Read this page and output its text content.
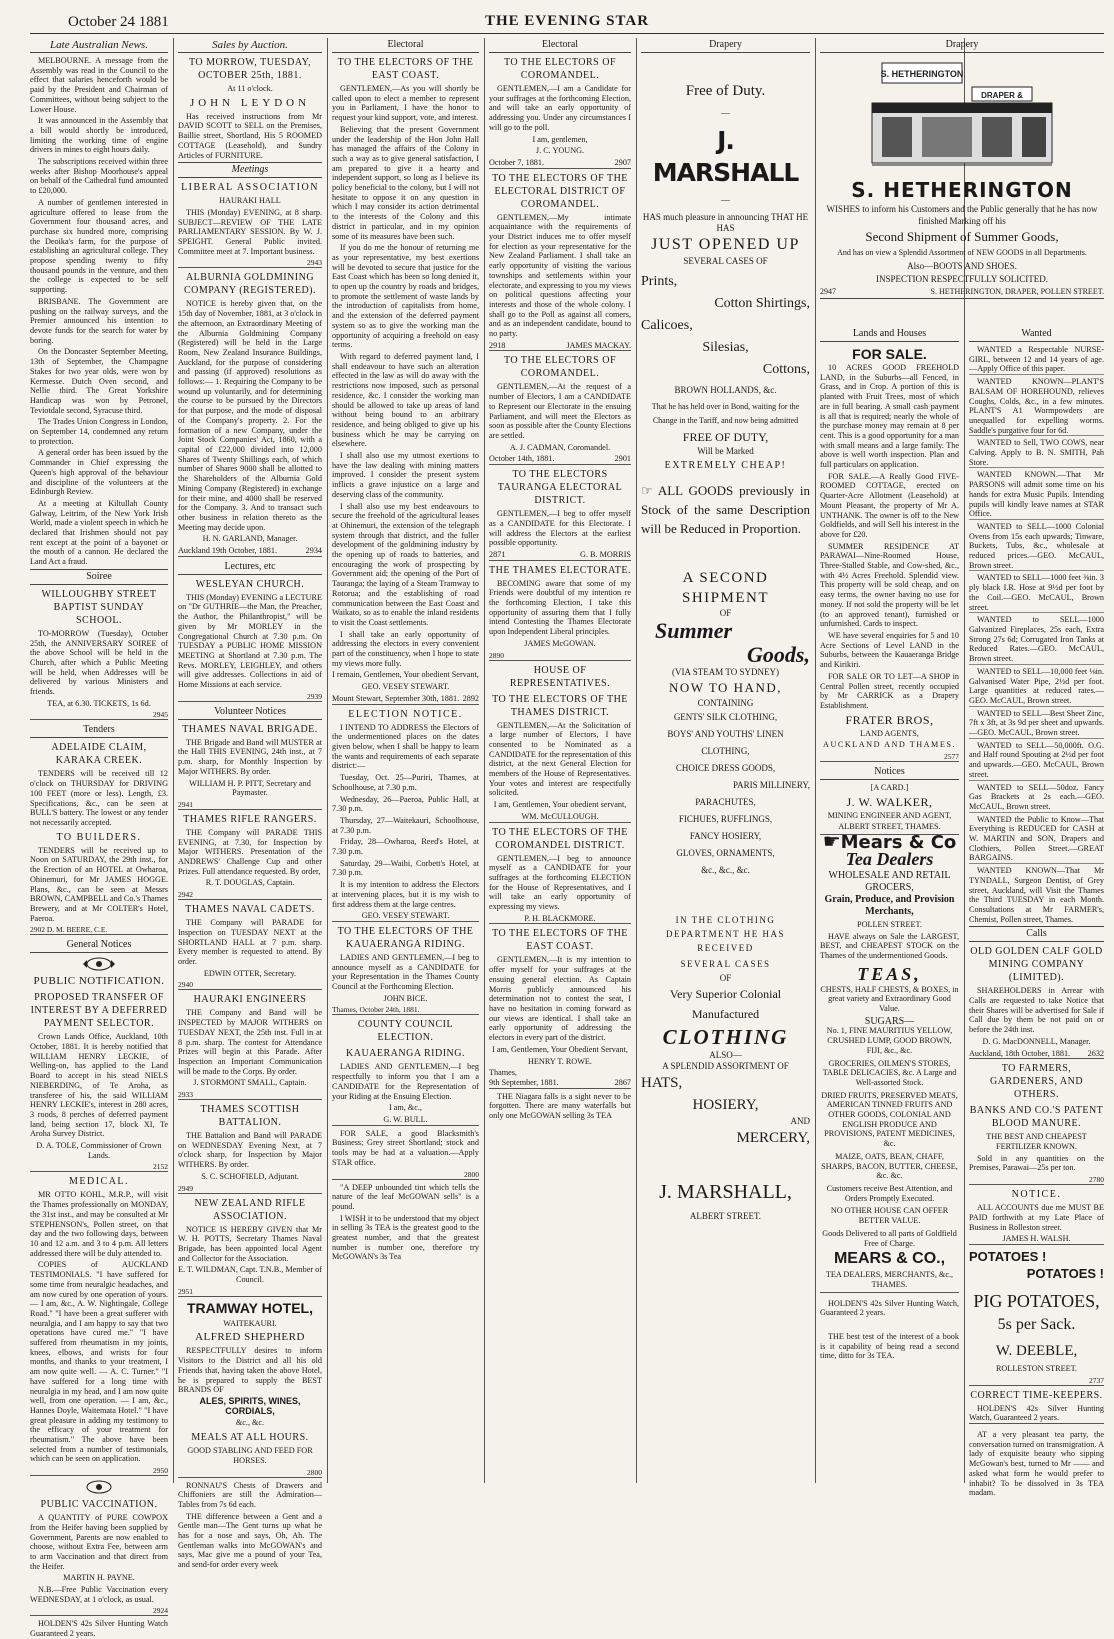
October 24 1881	THE EVENING STAR
Late Australian News.

MELBOURNE. A message from the Assembly was read in the Council to the effect that salaries henceforth would be paid by the President and Chairman of Committees, without being subject to the Lower House.

It was announced in the Assembly that a bill would shortly be introduced, limiting the working time of engine drivers in mines to eight hours daily.

The subscriptions received within three weeks after Bishop Moorhouse's appeal on behalf of the Cathedral fund amounted to £20,000.

A number of gentlemen interested in agriculture offered to lease from the Government four thousand acres, and purchase six hundred more, comprising the Deoika's farm, for the purpose of establishing an agricultural college. They propose spending twenty to fifty thousand pounds in the venture, and then the college is expected to be self supporting.

BRISBANE. The Government are pushing on the railway surveys, and the Premier announced his intention to devote funds for the search for water by boring.

On the Doncaster September Meeting, 13th of September, the Champagne Stakes for two year olds, were won by Kermesse. Dutch Oven second, and Nellie third. The Great Yorkshire Handicap was won by Petronel, Teviotdale second, Syracuse third.

The Trades Union Congress in London, on September 14, condemned any return to protection.

A general order has been issued by the Commander in Chief expressing the Queen's high approval of the behaviour and discipline of the volunteers at the Edinburgh Review.

At a meeting at Kiltullah County Galway, Leitrim, of the New York Irish World, made a violent speech in which he declared that Irishmen should not pay rent except at the point of a bayonet or the mouth of a cannon. He declared the Land Act a fraud.

Soiree
WILLOUGHBY STREET BAPTIST SUNDAY SCHOOL.

TO-MORROW (Tuesday), October 25th, the ANNIVERSARY SOIREE of the above School will be held in the Church, after which a Public Meeting will be held, when Addresses will be delivered by various Ministers and friends.

TEA, at 6.30. TICKETS, 1s 6d.
2945
Tenders
ADELAIDE CLAIM, KARAKA CREEK.

TENDERS will be received till 12 o'clock on THURSDAY for DRIVING 100 FEET (more or less). Length, £3. Specifications, &c., can be seen at BULL'S battery. The lowest or any tender not necessarily accepted.

TO BUILDERS.

TENDERS will be received up to Noon on SATURDAY, the 29th inst., for the Erection of an HOTEL at Owharoa, Ohinemuri, for Mr JAMES HOGGE. Plans, &c., can be seen at Messrs BROWN, CAMPBELL and Co.'s Thames Brewery, and at Mr COLTER's Hotel, Paeroa.

2902 D. M. BEERE, C.E.
General Notices
PUBLIC NOTIFICATION.
PROPOSED TRANSFER OF INTEREST BY A DEFERRED PAYMENT SELECTOR.

Crown Lands Office, Auckland, 10th October, 1881. It is hereby notified that WILLIAM HENRY LECKIE, of Welling-on, has applied to the Land Board to accept in his stead NIELS NIEBERDING, of Te Aroha, as transferee of his, the said WILLIAM HENRY LECKIE's, interest in 280 acres, 3 roods, 8 perches of deferred payment land, being section 17, block XI, Te Aroha Survey District.

D. A. TOLE, Commissioner of Crown Lands.
2152
MEDICAL.

MR OTTO KOHL, M.R.P., will visit the Thames professionally on MONDAY, the 31st inst., and may be consulted at Mr STEPHENSON's, Pollen street, on that day and the two following days, between 10 and 12 a.m. and 3 to 4 p.m. All letters addressed there will be duly attended to.

COPIES of AUCKLAND TESTIMONIALS. "I have suffered for some time from neuralgic headaches, and am now cured by one operation of yours. — I am, &c., A. W. Nightingale, College Road." "I have been a great sufferer with neuralgia, and I am happy to say that two operations have cured me." "I have suffered from rheumatism in my joints, knees, elbows, and wrists for four months, and thanks to your treatment, I am now quite well. — A. C. Turner." "I have suffered for a long time with neuralgia in my head, and I am now quite well, from one operation. — I am, &c., Hannes Doyle, Waitemata Hotel." "I have great pleasure in adding my testimony to the efficacy of your treatment for rheumatism." The above have been selected from a number of testimonials, which can be seen on application.

2950
PUBLIC VACCINATION.

A QUANTITY of PURE COWPOX from the Heifer having been supplied by Government, Parents are now enabled to choose, without Extra Fee, between arm to arm Vaccination and that direct from the Heifer.

MARTIN H. PAYNE.

N.B.—Free Public Vaccination every WEDNESDAY, at 1 o'clock, as usual.

2924

HOLDEN'S 42s Silver Hunting Watch Guaranteed 2 years.

Sales by Auction.
TO MORROW, TUESDAY, OCTOBER 25th, 1881.
At 11 o'clock.
JOHN LEYDON

Has received instructions from Mr DAVID SCOTT to SELL on the Premises, Baillie street, Shortland, His 5 ROOMED COTTAGE (Leasehold), and Sundry Articles of FURNITURE.

Meetings
LIBERAL ASSOCIATION
HAURAKI HALL

THIS (Monday) EVENING, at 8 sharp. SUBJECT—REVIEW OF THE LATE PARLIAMENTARY SESSION. By W. J. SPEIGHT. General Public invited. Committee meet at 7. Important business.

2943
ALBURNIA GOLDMINING COMPANY (REGISTERED).

NOTICE is hereby given that, on the 15th day of November, 1881, at 3 o'clock in the afternoon, an Extraordinary Meeting of the Alburnia Goldmining Company (Registered) will be held in the Large Room, New Zealand Insurance Buildings, Auckland, for the purpose of considering and passing (if approved) resolutions as follows:— 1. Requiring the Company to be wound up voluntarily, and for determining the course to be pursued by the Directors for that purpose, and the mode of disposal of the Company's property. 2. For the formation of a new Company, under the Joint Stock Companies' Act, 1860, with a capital of £22,000 divided into 12,000 Shares of Twenty Shillings each, of which number of Shares 9000 shall be allotted to the Shareholders of the Alburnia Gold Mining Company (Registered) in exchange for their mine, and 4000 shall be reserved for the Company. 3. And to transact such other business in relation thereto as the Meeting may decide upon.

H. N. GARLAND, Manager.
Auckland 19th October, 1881.	2934
Lectures, etc
WESLEYAN CHURCH.

THIS (Monday) EVENING a LECTURE on "Dr GUTHRIE—the Man, the Preacher, the Author, the Philanthropist," will be given by Mr MORLEY in the Congregational Church at 7.30 p.m. On TUESDAY a PUBLIC HOME MISSION MEETING at Shortland at 7.30 p.m. The Revs. MORLEY, LEIGHLEY, and others will give addresses. Collections in aid of Home Missions at each service.

2939
Volunteer Notices
THAMES NAVAL BRIGADE.

THE Brigade and Band will MUSTER at the Hall THIS EVENING, 24th inst., at 7 p.m. sharp, for Monthly Inspection by Major WITHERS. By order.

WILLIAM H. P. PITT, Secretary and Paymaster.
2941
THAMES RIFLE RANGERS.

THE Company will PARADE THIS EVENING, at 7.30, for Inspection by Major WITHERS. Presentation of the ANDREWS' Challenge Cup and other Prizes. Full attendance requested. By order,

R. T. DOUGLAS, Captain.
2942
THAMES NAVAL CADETS.

THE Company will PARADE for Inspection on TUESDAY NEXT at the SHORTLAND HALL at 7 p.m. sharp. Every member is requested to attend. By order.

EDWIN OTTER, Secretary.
2940
HAURAKI ENGINEERS

THE Company and Band will be INSPECTED by MAJOR WITHERS on TUESDAY NEXT, the 25th inst. Full in at 8 p.m. sharp. The contest for Attendance Prizes will begin at this Parade. After Inspection an Important Communication will be made to the Corps. By order.

J. STORMONT SMALL, Captain.
2933
THAMES SCOTTISH BATTALION.

THE Battalion and Band will PARADE on WEDNESDAY Evening Next, at 7 o'clock sharp, for Inspection by Major WITHERS. By order.

S. C. SCHOFIELD, Adjutant.
2949
NEW ZEALAND RIFLE ASSOCIATION.

NOTICE IS HEREBY GIVEN that Mr W. H. POTTS, Secretary Thames Naval Brigade, has been appointed local Agent and Collector for the Association.

E. T. WILDMAN, Capt. T.N.B., Member of Council.
2951
TRAMWAY HOTEL,
WAITEKAURI.
ALFRED SHEPHERD

RESPECTFULLY desires to inform Visitors to the District and all his old Friends that, having taken the above Hotel, he is prepared to supply the BEST BRANDS OF

ALES, SPIRITS, WINES, CORDIALS,
&c., &c.
MEALS AT ALL HOURS.
GOOD STABLING AND FEED FOR HORSES.
2800

RONNAU'S Chests of Drawers and Chiffoniers are still the Admiration—Tables from 7s 6d each.

THE difference between a Gent and a Gentle man—The Gent turns up what he has for a nose and says, Oh, Ah. The Gentleman walks into McGOWAN's and says, Mac give me a pound of your Tea, and send-for order every week

Electoral
TO THE ELECTORS OF THE EAST COAST.

GENTLEMEN,—As you will shortly be called upon to elect a member to represent you in Parliament, I have the honor to request your kind support, vote, and interest.

Believing that the present Government under the leadership of the Hon John Hall has managed the affairs of the Colony in such a way as to give general satisfaction, I am prepared to give it a hearty and independent support, so long as I believe its policy beneficial to the colony, but I will not hesitate to oppose it on any question in which I may consider its action detrimental to the interests of the Colony and this district in particular, and in my opinion some of its measures have been such.

If you do me the honour of returning me as your representative, my best exertions will be devoted to secure that justice for the East Coast which has been so long denied it, to open up the country by roads and bridges, to promote the settlement of waste lands by the introduction of capitalists from home, and the extension of the deferred payment system so as to give the working man the opportunity of acquiring a freehold on easy terms.

With regard to deferred payment land, I shall endeavour to have such an alteration effected in the law as will do away with the restrictions now imposed, such as personal residence, &c. I consider the working man should be allowed to take up areas of land without being bound to an arbitrary residence, and being obliged to give up his business which he may be carrying on elsewhere.

I shall also use my utmost exertions to have the law dealing with mining matters improved. I consider the present system inflicts a grave injustice on a large and deserving class of the community.

I shall also use my best endeavours to secure the freehold of the agricultural leases at Ohinemuri, the extension of the telegraph system through that district, and the fuller development of the goldmining industry by the opening up of roads to batteries, and encouraging the work of prospecting by Government aid; the opening of the Port of Tauranga; the laying of a Steam Tramway to Rotorua; and the establishing of road communication between the East Coast and Waikato, so as to enable the inland residents to visit the Coast settlements.

I shall take an early opportunity of addressing the electors in every convenient part of the constituency, when I hope to state my views more fully.

I remain, Gentlemen, Your obedient Servant,
GEO. VESEY STEWART.
Mount Stewart, September 30th, 1881. 2892
ELECTION NOTICE.

I INTEND TO ADDRESS the Electors of the undermentioned places on the dates given below, when I shall be happy to learn the wants and requirements of each separate district:—

Tuesday, Oct. 25—Puriri, Thames, at Schoolhouse, at 7.30 p.m.

Wednesday, 26—Paeroa, Public Hall, at 7.30 p.m.

Thursday, 27—Waitekauri, Schoolhouse, at 7.30 p.m.

Friday, 28—Owharoa, Reed's Hotel, at 7.30 p.m.

Saturday, 29—Waihi, Corbett's Hotel, at 7.30 p.m.

It is my intention to address the Electors at intervening places, but it is my wish to first address them at the large centres.

GEO. VESEY STEWART.
TO THE ELECTORS OF THE KAUAERANGA RIDING.

LADIES AND GENTLEMEN,—I beg to announce myself as a CANDIDATE for your Representation in the Thames County Council at the Forthcoming Election.

JOHN BICE.
Thames, October 24th, 1881.
COUNTY COUNCIL ELECTION.
KAUAERANGA RIDING.

LADIES AND GENTLEMEN,—I beg respectfully to inform you that I am a CANDIDATE for the Representation of your Riding at the Ensuing Election.

I am, &c.,
G. W. BULL.

FOR SALE, a good Blacksmith's Business; Grey street Shortland; stock and tools may be had at a valuation.—Apply STAR office.

2800

"A DEEP unbounded tint which tells the nature of the leaf McGOWAN sells" is a pound.

I WISH it to be understood that my object in selling 3s TEA is the greatest good to the greatest number, and that the greatest number is number one, therefore try McGOWAN's 3s Tea

Electoral
TO THE ELECTORS OF COROMANDEL.

GENTLEMEN,—I am a Candidate for your suffrages at the forthcoming Election, and will take an early opportunity of addressing you. Under any circumstances I will go to the poll.

I am, gentlemen,
J. C. YOUNG.
October 7, 1881.	2907
TO THE ELECTORS OF THE ELECTORAL DISTRICT OF COROMANDEL.

GENTLEMEN,—My intimate acquaintance with the requirements of your District induces me to offer myself for election as your representative for the New Zealand Parliament. I shall take an early opportunity of visiting the various townships and settlements within your electorate, and expressing to you my views on political questions affecting your interests and those of the whole colony. I shall go to the Poll as against all comers, and as an independent candidate, bound to no party.

2918	JAMES MACKAY.
TO THE ELECTORS OF COROMANDEL.

GENTLEMEN,—At the request of a number of Electors, I am a CANDIDATE to Represent our Electorate in the ensuing Parliament, and will meet the Electors as soon as possible after the County Elections are settled.

A. J. CADMAN, Coromandel.
October 14th, 1881.	2901
TO THE ELECTORS TAURANGA ELECTORAL DISTRICT.

GENTLEMEN,—I beg to offer myself as a CANDIDATE for this Electorate. I will address the Electors at the earliest possible opportunity.

2871	G. B. MORRIS
THE THAMES ELECTORATE.

BECOMING aware that some of my Friends were doubtful of my intention re the forthcoming Election, I take this opportunity of assuring them that I fully intend Contesting the Thames Electorate upon Independent Liberal principles.

JAMES McGOWAN.
2890
HOUSE OF REPRESENTATIVES.
TO THE ELECTORS OF THE THAMES DISTRICT.

GENTLEMEN,—At the Solicitation of a large number of Electors, I have consented to be Nominated as a CANDIDATE for the representation of this district, at the next General Election for members of the House of Representatives. Your votes and interest are respectfully solicited.

I am, Gentlemen, Your obedient servant,
WM. McCULLOUGH.
TO THE ELECTORS OF THE COROMANDEL DISTRICT.

GENTLEMEN,—I beg to announce myself as a CANDIDATE for your suffrages at the forthcoming ELECTION for the House of Representatives, and I will take an early opportunity of expressing my views.

P. H. BLACKMORE.
TO THE ELECTORS OF THE EAST COAST.

GENTLEMEN,—It is my intention to offer myself for your suffrages at the ensuing general election. As Captain Morris publicly announced his determination not to contest the seat, I have no hesitation in coming forward as our views are identical. I shall take an early opportunity of addressing the electors in every part of the district.

I am, Gentlemen, Your Obedient Servant,
HENRY T. ROWE.
Thames,
9th September, 1881.	2867

THE Niagara falls is a sight never to be forgotten. There are many waterfalls but only one McGOWAN selling 3s TEA

Drapery
Free of Duty.
—
J. MARSHALL
—
HAS much pleasure in announcing THAT HE HAS
JUST OPENED UP
SEVERAL CASES OF
Prints,
Cotton Shirtings,
Calicoes,
Silesias,
Cottons,
BROWN HOLLANDS, &c.
That he has held over in Bond, waiting for the Change in the Tariff, and now being admitted
FREE OF DUTY,
Will be Marked
EXTREMELY CHEAP!
☞ ALL GOODS previously in Stock of the same Description will be Reduced in Proportion.
A SECOND SHIPMENT
OF
Summer
Goods,
(VIA STEAM TO SYDNEY)
NOW TO HAND,
CONTAINING
GENTS' SILK CLOTHING,
BOYS' AND YOUTHS' LINEN
CLOTHING,
CHOICE DRESS GOODS,
PARIS MILLINERY,
PARACHUTES,
FICHUES, RUFFLINGS,
FANCY HOSIERY,
GLOVES, ORNAMENTS,
&c., &c., &c.
IN THE CLOTHING DEPARTMENT HE HAS RECEIVED
SEVERAL CASES
OF
Very Superior Colonial Manufactured
CLOTHING
ALSO—
A SPLENDID ASSORTMENT OF
HATS,
HOSIERY,
AND
MERCERY,
J. MARSHALL,
ALBERT STREET.
Drapery
S. HETHERINGTON
DRAPER &
S. HETHERINGTON
WISHES to inform his Customers and the Public generally that he has now finished Marking off his
Second Shipment of Summer Goods,
And has on view a Splendid Assortment of NEW GOODS in all Departments.
Also—BOOTS AND SHOES.
INSPECTION RESPECTFULLY SOLICITED.
2947	S. HETHERINGTON, DRAPER, POLLEN STREET.
Lands and Houses
FOR SALE.

10 ACRES GOOD FREEHOLD LAND, in the Suburbs—all Fenced, in Grass, and in Crop. A portion of this is planted with Fruit Trees, most of which are in full bearing. A small cash payment is all that is required; nearly the whole of the purchase money may remain at 8 per cent. This is a good opportunity for a man with small means and a large family. The above is well worth inspection. Plan and full particulars on application.

FOR SALE.—A Really Good FIVE-ROOMED COTTAGE, erected on Quarter-Acre Allotment (Leasehold) at Mount Pleasant, the property of Mr A. UNTHANK. The owner is off to the New Goldfields, and will Sell his interest in the above for £20.

SUMMER RESIDENCE AT PARAWAI—Nine-Roomed House, Three-Stalled Stable, and Cow-shed, &c., with 4½ Acres Freehold. Splendid view. This property will be sold cheap, and on easy terms, the owner having no use for money. If not sold the property will be let (to an approved tenant), furnished or unfurnished. Cards to inspect.

WE have several enquiries for 5 and 10 Acre Sections of Level LAND in the Suburbs, between the Kauaeranga Bridge and Kirikiri.

FOR SALE OR TO LET—A SHOP in Central Pollen street, recently occupied by Mr CARRICK as a Drapery Establishment.

FRATER BROS,
LAND AGENTS,
AUCKLAND AND THAMES.
2577
Notices
[A CARD.]
J. W. WALKER,
MINING ENGINEER AND AGENT,
ALBERT STREET, THAMES.
☛ Mears & Co
Tea Dealers
WHOLESALE AND RETAIL GROCERS,
Grain, Produce, and Provision Merchants,
POLLEN STREET.

HAVE always on Sale the LARGEST, BEST, and CHEAPEST STOCK on the Thames of the undermentioned Goods.

TEAS,
CHESTS, HALF CHESTS, & BOXES, in great variety and Extraordinary Good Value.
SUGARS—
No. 1, FINE MAURITIUS YELLOW, CRUSHED LUMP, GOOD BROWN, FIJI, &c., &c.
GROCERIES, OILMEN'S STORES, TABLE DELICACIES, &c. A Large and Well-assorted Stock.
DRIED FRUITS, PRESERVED MEATS, AMERICAN TINNED FRUITS AND OTHER GOODS, COLONIAL AND ENGLISH PRODUCE AND PROVISIONS, PATENT MEDICINES, &c.
MAIZE, OATS, BEAN, CHAFF, SHARPS, BACON, BUTTER, CHEESE, &c. &c.
Customers receive Best Attention, and Orders Promptly Executed.
NO OTHER HOUSE CAN OFFER BETTER VALUE.
Goods Delivered to all parts of Goldfield Free of Charge.
MEARS & CO.,
TEA DEALERS, MERCHANTS, &c., THAMES.

HOLDEN'S 42s Silver Hunting Watch, Guaranteed 2 years.

THE best test of the interest of a book is it capability of being read a second time, ditto for 3s TEA.

Wanted

WANTED a Respectable NURSE-GIRL, between 12 and 14 years of age.—Apply Office of this paper.

WANTED KNOWN—PLANT'S BALSAM OF HOREHOUND, relieves Coughs, Colds, &c., in a few minutes. PLANT'S A1 Wormpowders are unequalled for expelling worms. Saddle's purgative four for 6d.

WANTED to Sell, TWO COWS, near Calving. Apply to B. N. SMITH, Pah Store.

WANTED KNOWN.—That Mr PARSONS will admit some time on his hands for extra Music Pupils. Intending pupils will kindly leave names at STAR Office.

WANTED to SELL—1000 Colonial Ovens from 15s each upwards; Tinware, Buckets, Tubs, &c., wholesale at reduced prices.—GEO. McCAUL, Brown street.

WANTED to SELL—1000 feet ⅜in. 3 ply black I.R. Hose at 9½d per foot by the Coil.—GEO. McCAUL, Brown street.

WANTED to SELL—1000 Galvanized Fireplaces, 25s each, Extra Strong 27s 6d; Corrugated Iron Tanks at Reduced Rates.—GEO. McCAUL, Brown street.

WANTED to SELL—10,000 feet ⅛in. Galvanised Water Pipe, 2½d per foot. Large quantities at reduced rates.—GEO. McCAUL, Brown street.

WANTED to SELL—Best Sheet Zinc, 7ft x 3ft, at 3s 9d per sheet and upwards.—GEO. McCAUL, Brown street.

WANTED to SELL—50,000ft. O.G. and Half round Spouting at 2½d per foot and upwards.—GEO. McCAUL, Brown street.

WANTED to SELL—50doz. Fancy Gas Brackets at 2s each.—GEO. McCAUL, Brown street.

WANTED the Public to Know—That Everything is REDUCED for CASH at W. MARTIN and SON, Drapers and Clothiers, Pollen Street.—GREAT BARGAINS.

WANTED KNOWN—That Mr TYNDALL, Surgeon Dentist, of Grey street, Auckland, will Visit the Thames the Third TUESDAY in each Month. Consultations at Mr FARMER's, Chemist, Pollen street, Thames.

Calls
OLD GOLDEN CALF GOLD MINING COMPANY (LIMITED).

SHAREHOLDERS in Arrear with Calls are requested to take Notice that their Shares will be advertised for Sale if Call due by them be not paid on or before the 24th inst.

D. G. MacDONNELL, Manager.
Auckland, 18th October, 1881. 2632
TO FARMERS, GARDENERS, AND OTHERS.
BANKS AND CO.'S PATENT BLOOD MANURE.
THE BEST AND CHEAPEST FERTILIZER KNOWN.

Sold in any quantities on the Premises, Parawai—25s per ton.

2780
NOTICE.

ALL ACCOUNTS due me MUST BE PAID forthwith at my Late Place of Business in Rolleston street.

JAMES H. WALSH.
POTATOES !
POTATOES !
PIG POTATOES,
5s per Sack.
W. DEEBLE,
ROLLESTON STREET.
2737
CORRECT TIME-KEEPERS.

HOLDEN'S 42s Silver Hunting Watch, Guaranteed 2 years.

AT a very pleasant tea party, the conversation turned on transmigration. A lady of exquisite beauty who sipping McGowan's best, turned to Mr —— and asked what form he would prefer to inhabit? To be dissolved in 3s TEA madam.
